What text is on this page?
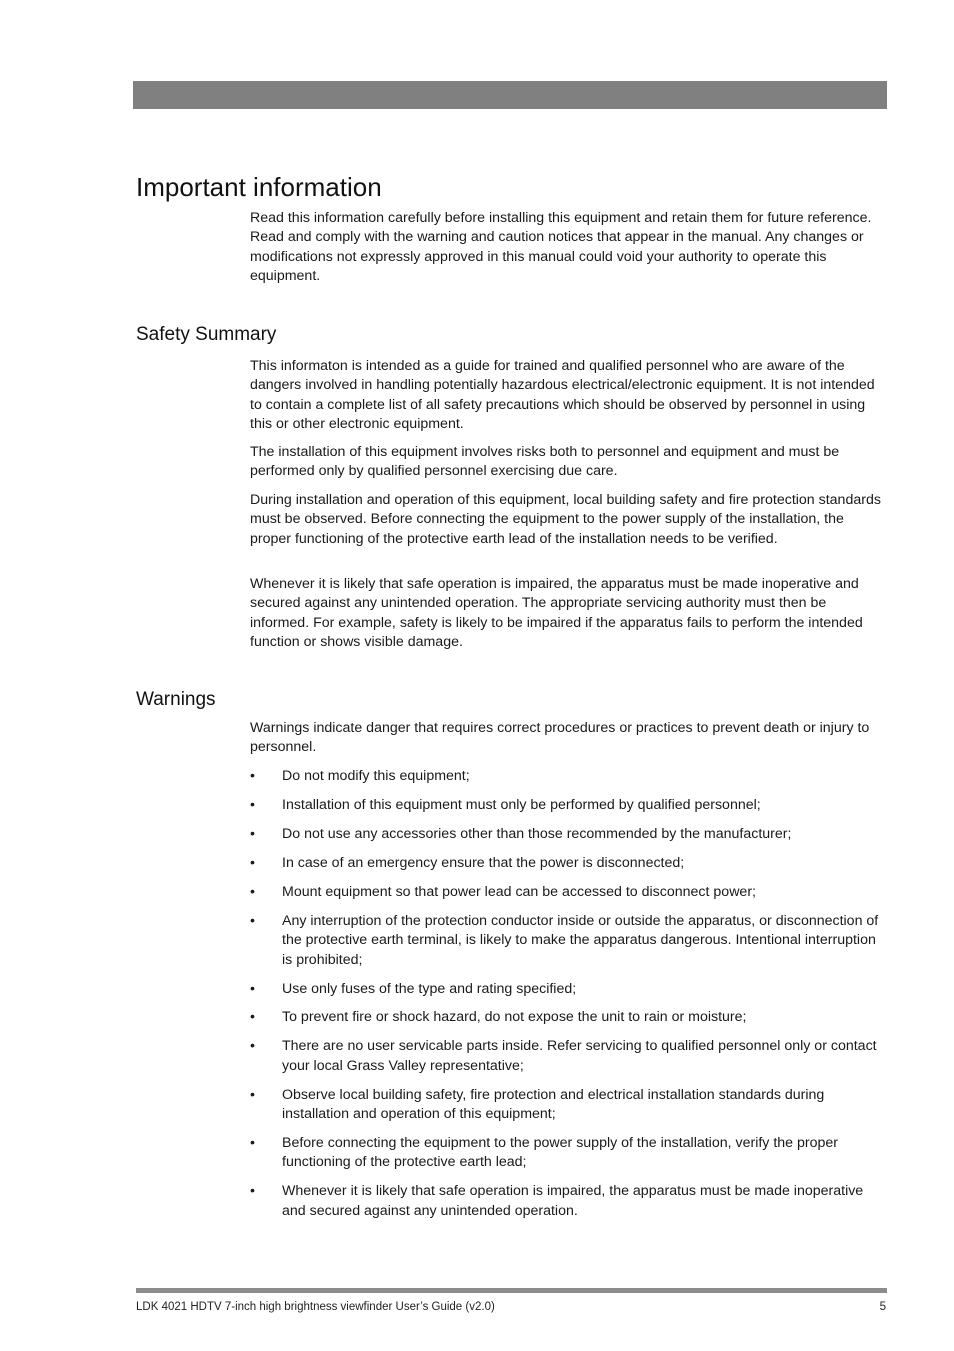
Important information

Read this information carefully before installing this equipment and retain them for future reference. Read and comply with the warning and caution notices that appear in the manual. Any changes or modifications not expressly approved in this manual could void your authority to operate this equipment.

Safety Summary

This informaton is intended as a guide for trained and qualified personnel who are aware of the dangers involved in handling potentially hazardous electrical/electronic equipment. It is not intended to contain a complete list of all safety precautions which should be observed by personnel in using this or other electronic equipment.

The installation of this equipment involves risks both to personnel and equipment and must be performed only by qualified personnel exercising due care.

During installation and operation of this equipment, local building safety and fire protection standards must be observed. Before connecting the equipment to the power supply of the installation, the proper functioning of the protective earth lead of the installation needs to be verified.

Whenever it is likely that safe operation is impaired, the apparatus must be made inoperative and secured against any unintended operation. The appropriate servicing authority must then be informed. For example, safety is likely to be impaired if the apparatus fails to perform the intended function or shows visible damage.

Warnings

Warnings indicate danger that requires correct procedures or practices to prevent death or injury to personnel.

• Do not modify this equipment;
• Installation of this equipment must only be performed by qualified personnel;
• Do not use any accessories other than those recommended by the manufacturer;
• In case of an emergency ensure that the power is disconnected;
• Mount equipment so that power lead can be accessed to disconnect power;
• Any interruption of the protection conductor inside or outside the apparatus, or disconnection of the protective earth terminal, is likely to make the apparatus dangerous. Intentional interruption is prohibited;
• Use only fuses of the type and rating specified;
• To prevent fire or shock hazard, do not expose the unit to rain or moisture;
• There are no user servicable parts inside. Refer servicing to qualified personnel only or contact your local Grass Valley representative;
• Observe local building safety, fire protection and electrical installation standards during installation and operation of this equipment;
• Before connecting the equipment to the power supply of the installation, verify the proper functioning of the protective earth lead;
• Whenever it is likely that safe operation is impaired, the apparatus must be made inoperative and secured against any unintended operation.
LDK 4021 HDTV 7-inch high brightness viewfinder User’s Guide (v2.0)	5
